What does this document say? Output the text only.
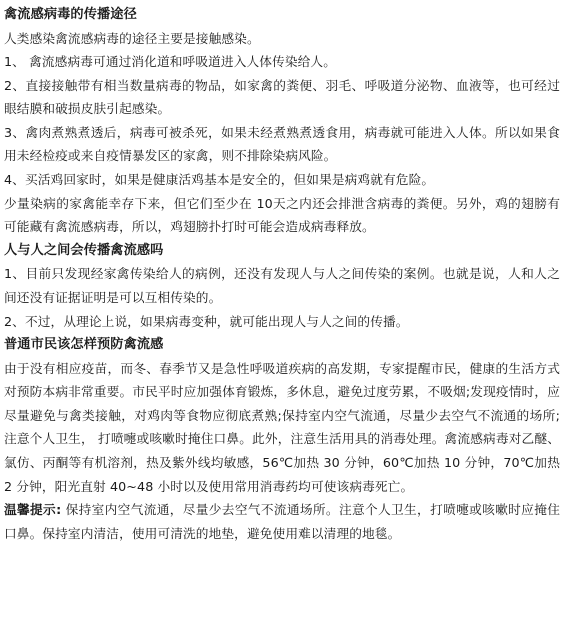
禽流感病毒的传播途径

人类感染禽流感病毒的途径主要是接触感染。

1、 禽流感病毒可通过消化道和呼吸道进入人体传染给人。

2、直接接触带有相当数量病毒的物品，如家禽的粪便、羽毛、呼吸道分泌物、血液等，也可经过眼结膜和破损皮肤引起感染。

3、禽肉煮熟煮透后，病毒可被杀死，如果未经煮熟煮透食用，病毒就可能进入人体。所以如果食用未经检疫或来自疫情暴发区的家禽，则不排除染病风险。

4、买活鸡回家时，如果是健康活鸡基本是安全的，但如果是病鸡就有危险。

少量染病的家禽能幸存下来，但它们至少在 10天之内还会排泄含病毒的粪便。另外，鸡的翅膀有可能藏有禽流感病毒，所以，鸡翅膀扑打时可能会造成病毒释放。

人与人之间会传播禽流感吗

1、目前只发现经家禽传染给人的病例，还没有发现人与人之间传染的案例。也就是说，人和人之间还没有证据证明是可以互相传染的。

2、不过，从理论上说，如果病毒变种，就可能出现人与人之间的传播。

普通市民该怎样预防禽流感

由于没有相应疫苗，而冬、春季节又是急性呼吸道疾病的高发期，专家提醒市民，健康的生活方式对预防本病非常重要。市民平时应加强体育锻炼，多休息，避免过度劳累，不吸烟;发现疫情时，应尽量避免与禽类接触，对鸡肉等食物应彻底煮熟;保持室内空气流通，尽量少去空气不流通的场所;注意个人卫生， 打喷嚏或咳嗽时掩住口鼻。此外，注意生活用具的消毒处理。禽流感病毒对乙醚、氯仿、丙酮等有机溶剂，热及紫外线均敏感，56℃加热 30 分钟，60℃加热 10 分钟，70℃加热 2 分钟，阳光直射 40~48 小时以及使用常用消毒药均可使该病毒死亡。

温馨提示: 保持室内空气流通，尽量少去空气不流通场所。注意个人卫生，打喷嚏或咳嗽时应掩住口鼻。保持室内清洁，使用可清洗的地垫，避免使用难以清理的地毯。
